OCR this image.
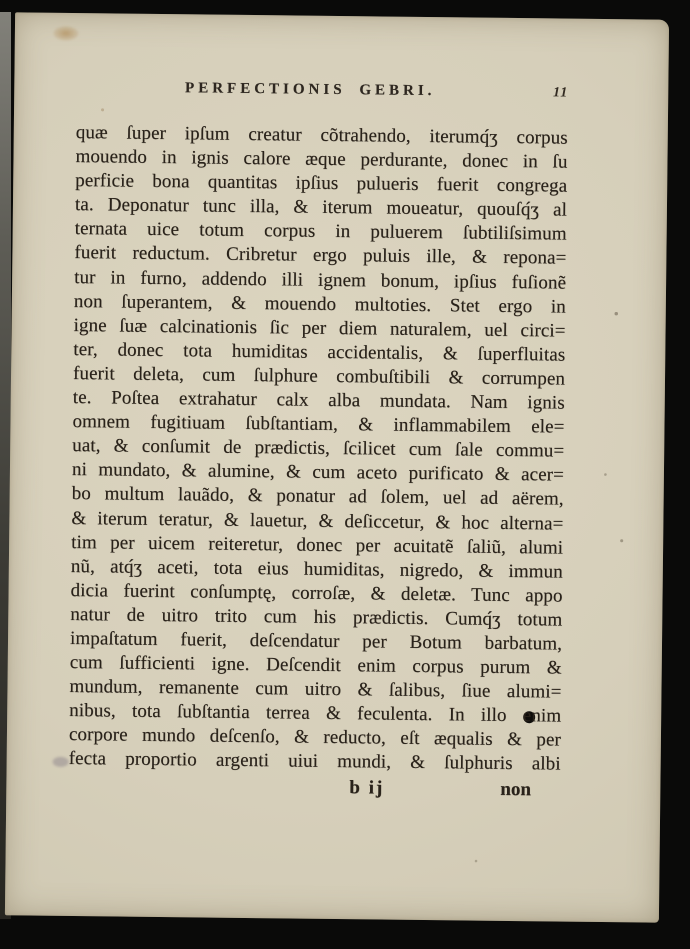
PERFECTIONIS GEBRI.	11
quæ ſuper ipſum creatur cõtrahendo, iterumq́ʒ corpus
mouendo in ignis calore æque perdurante, donec in ſu
perficie bona quantitas ipſius pulueris fuerit congrega
ta. Deponatur tunc illa, & iterum moueatur, quouſq́ʒ al
ternata uice totum corpus in puluerem ſubtiliſsimum
fuerit reductum. Cribretur ergo puluis ille, & repona=
tur in furno, addendo illi ignem bonum, ipſius fuſionẽ
non ſuperantem, & mouendo multoties. Stet ergo in
igne ſuæ calcinationis ſic per diem naturalem, uel circi=
ter, donec tota humiditas accidentalis, & ſuperfluitas
fuerit deleta, cum ſulphure combuſtibili & corrumpen
te. Poſtea extrahatur calx alba mundata. Nam ignis
omnem fugitiuam ſubſtantiam, & inflammabilem ele=
uat, & conſumit de prædictis, ſcilicet cum ſale commu=
ni mundato, & alumine, & cum aceto purificato & acer=
bo multum lauãdo, & ponatur ad ſolem, uel ad aërem,
& iterum teratur, & lauetur, & deſiccetur, & hoc alterna=
tim per uicem reiteretur, donec per acuitatẽ ſaliũ, alumi
nũ, atq́ʒ aceti, tota eius humiditas, nigredo, & immun
dicia fuerint conſumptę, corroſæ, & deletæ. Tunc appo
natur de uitro trito cum his prædictis. Cumq́ʒ totum
impaſtatum fuerit, deſcendatur per Botum barbatum,
cum ſufficienti igne. Deſcendit enim corpus purum &
mundum, remanente cum uitro & ſalibus, ſiue alumi=
nibus, tota ſubſtantia terrea & feculenta. In illo enim
corpore mundo deſcenſo, & reducto, eſt æqualis & per
fecta proportio argenti uiui mundi, & ſulphuris albi
b ij	non
